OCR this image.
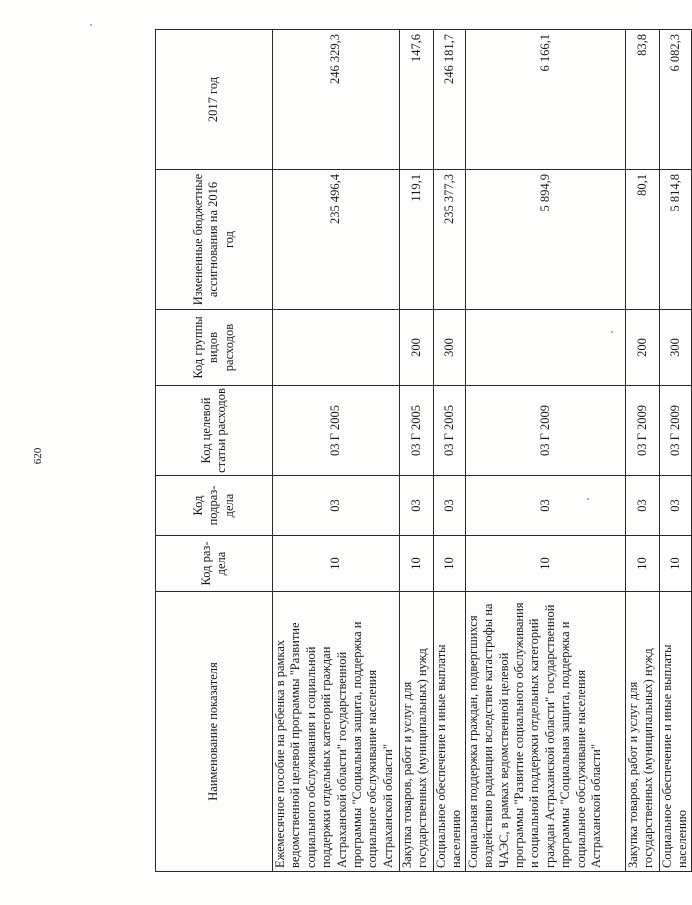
620
Наименование показателя	Код раз-дела	Код подраз-дела	Код целевой статьи расходов	Код группы видов расходов	Измененные бюджетные ассигнования на 2016 год	2017 год
Ежемесячное пособие на ребенка в рамках ведомственной целевой программы "Развитие социального обслуживания и социальной поддержки отдельных категорий граждан Астраханской области" государственной программы "Социальная защита, поддержка и социальное обслуживание населения Астраханской области"	10	03	03 Г 2005		235 496,4	246 329,3
Закупка товаров, работ и услуг для государственных (муниципальных) нужд	10	03	03 Г 2005	200	119,1	147,6
Социальное обеспечение и иные выплаты населению	10	03	03 Г 2005	300	235 377,3	246 181,7
Социальная поддержка граждан, подвергшихся воздействию радиации вследствие катастрофы на ЧАЭС, в рамках ведомственной целевой программы "Развитие социального обслуживания и социальной поддержки отдельных категорий граждан Астраханской области" государственной программы "Социальная защита, поддержка и социальное обслуживание населения Астраханской области"	10	03	03 Г 2009		5 894,9	6 166,1
Закупка товаров, работ и услуг для государственных (муниципальных) нужд	10	03	03 Г 2009	200	80,1	83,8
Социальное обеспечение и иные выплаты населению	10	03	03 Г 2009	300	5 814,8	6 082,3
